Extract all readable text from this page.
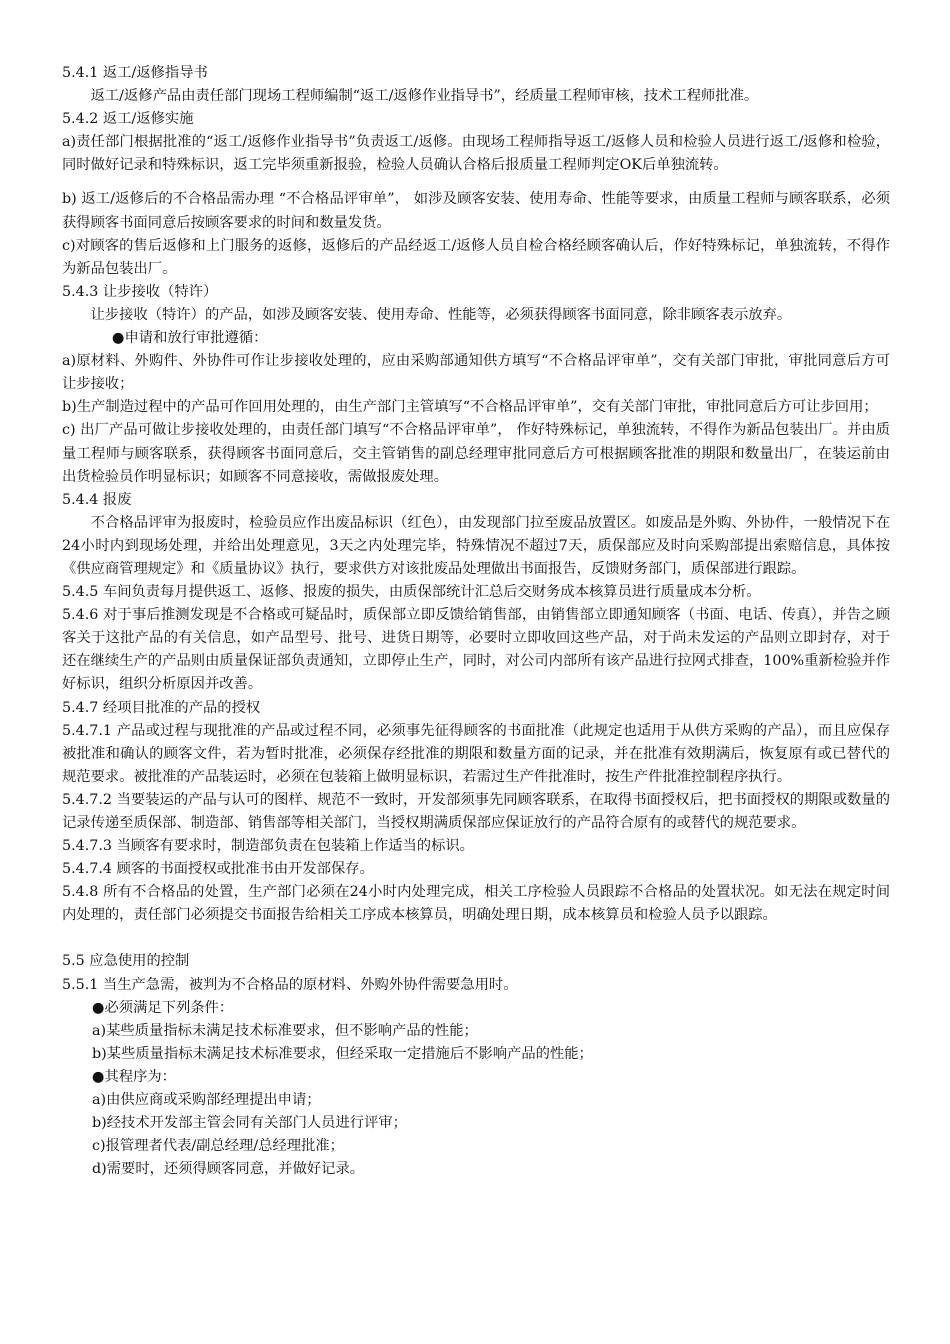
5.4.1 返工/返修指导书

返工/返修产品由责任部门现场工程师编制“返工/返修作业指导书”，经质量工程师审核，技术工程师批准。

5.4.2 返工/返修实施

a)责任部门根据批准的“返工/返修作业指导书”负责返工/返修。由现场工程师指导返工/返修人员和检验人员进行返工/返修和检验，同时做好记录和特殊标识，返工完毕须重新报验，检验人员确认合格后报质量工程师判定OK后单独流转。

b) 返工/返修后的不合格品需办理 “不合格品评审单”， 如涉及顾客安装、使用寿命、性能等要求，由质量工程师与顾客联系，必须获得顾客书面同意后按顾客要求的时间和数量发货。

c)对顾客的售后返修和上门服务的返修，返修后的产品经返工/返修人员自检合格经顾客确认后，作好特殊标记，单独流转，不得作为新品包装出厂。

5.4.3 让步接收（特许）

让步接收（特许）的产品，如涉及顾客安装、使用寿命、性能等，必须获得顾客书面同意，除非顾客表示放弃。

●申请和放行审批遵循：

a)原材料、外购件、外协件可作让步接收处理的，应由采购部通知供方填写“不合格品评审单”，交有关部门审批，审批同意后方可让步接收；

b)生产制造过程中的产品可作回用处理的，由生产部门主管填写“不合格品评审单”，交有关部门审批，审批同意后方可让步回用；

c) 出厂产品可做让步接收处理的，由责任部门填写“不合格品评审单”， 作好特殊标记，单独流转，不得作为新品包装出厂。并由质量工程师与顾客联系，获得顾客书面同意后，交主管销售的副总经理审批同意后方可根据顾客批准的期限和数量出厂，在装运前由出货检验员作明显标识；如顾客不同意接收，需做报废处理。

5.4.4 报废

不合格品评审为报废时，检验员应作出废品标识（红色），由发现部门拉至废品放置区。如废品是外购、外协件，一般情况下在24小时内到现场处理，并给出处理意见，3天之内处理完毕，特殊情况不超过7天，质保部应及时向采购部提出索赔信息，具体按《供应商管理规定》和《质量协议》执行，要求供方对该批废品处理做出书面报告，反馈财务部门，质保部进行跟踪。

5.4.5 车间负责每月提供返工、返修、报废的损失，由质保部统计汇总后交财务成本核算员进行质量成本分析。

5.4.6 对于事后推测发现是不合格或可疑品时，质保部立即反馈给销售部，由销售部立即通知顾客（书面、电话、传真），并告之顾客关于这批产品的有关信息，如产品型号、批号、进货日期等，必要时立即收回这些产品，对于尚未发运的产品则立即封存，对于还在继续生产的产品则由质量保证部负责通知，立即停止生产，同时，对公司内部所有该产品进行拉网式排查，100%重新检验并作好标识，组织分析原因并改善。

5.4.7 经项目批准的产品的授权

5.4.7.1 产品或过程与现批准的产品或过程不同，必须事先征得顾客的书面批准（此规定也适用于从供方采购的产品），而且应保存被批准和确认的顾客文件，若为暂时批准，必须保存经批准的期限和数量方面的记录，并在批准有效期满后，恢复原有或已替代的规范要求。被批准的产品装运时，必须在包装箱上做明显标识，若需过生产件批准时，按生产件批准控制程序执行。

5.4.7.2 当要装运的产品与认可的图样、规范不一致时，开发部须事先同顾客联系，在取得书面授权后，把书面授权的期限或数量的记录传递至质保部、制造部、销售部等相关部门，当授权期满质保部应保证放行的产品符合原有的或替代的规范要求。

5.4.7.3 当顾客有要求时，制造部负责在包装箱上作适当的标识。

5.4.7.4 顾客的书面授权或批准书由开发部保存。

5.4.8 所有不合格品的处置，生产部门必须在24小时内处理完成，相关工序检验人员跟踪不合格品的处置状况。如无法在规定时间内处理的，责任部门必须提交书面报告给相关工序成本核算员，明确处理日期，成本核算员和检验人员予以跟踪。

5.5 应急使用的控制

5.5.1 当生产急需，被判为不合格品的原材料、外购外协件需要急用时。

●必须满足下列条件：

a)某些质量指标未满足技术标准要求，但不影响产品的性能；

b)某些质量指标未满足技术标准要求，但经采取一定措施后不影响产品的性能；

●其程序为：

a)由供应商或采购部经理提出申请；

b)经技术开发部主管会同有关部门人员进行评审；

c)报管理者代表/副总经理/总经理批准；

d)需要时，还须得顾客同意，并做好记录。
